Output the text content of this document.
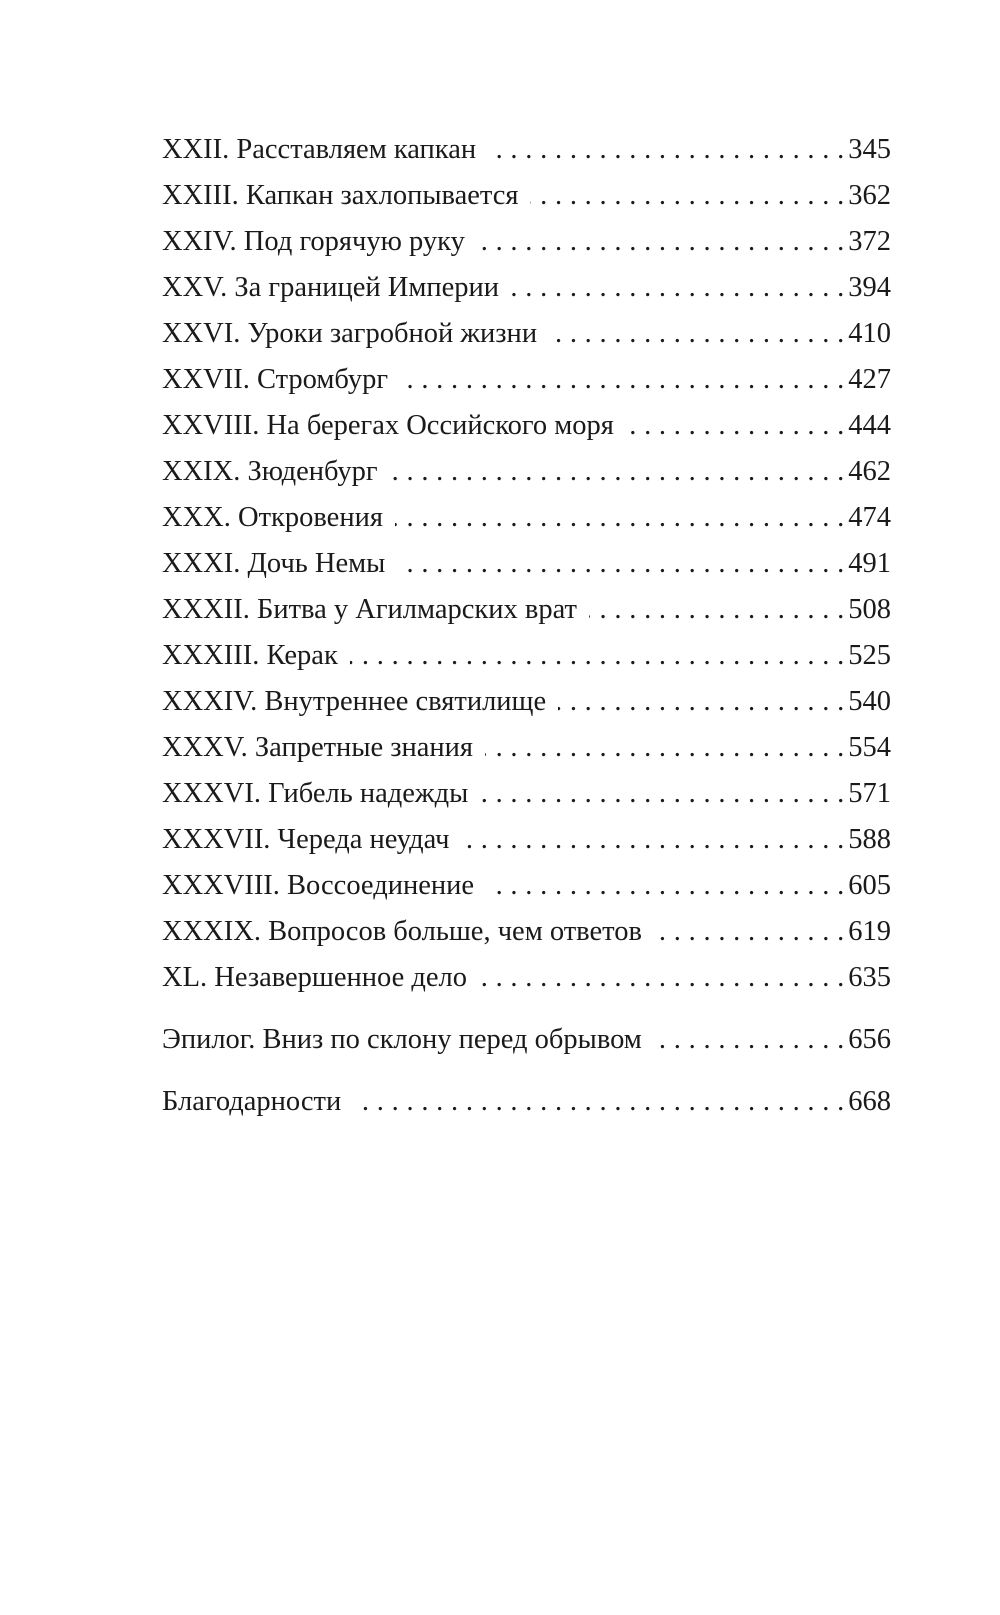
XXII. Расставляем капкан . . .	345
XXIII. Капкан захлопывается . . .	362
XXIV. Под горячую руку . . .	372
XXV. За границей Империи . . .	394
XXVI. Уроки загробной жизни . . .	410
XXVII. Стромбург . . .	427
XXVIII. На берегах Оссийского моря . . .	444
XXIX. Зюденбург . . .	462
XXX. Откровения . . .	474
XXXI. Дочь Немы . . .	491
XXXII. Битва у Агилмарских врат . . .	508
XXXIII. Керак . . .	525
XXXIV. Внутреннее святилище . . .	540
XXXV. Запретные знания . . .	554
XXXVI. Гибель надежды . . .	571
XXXVII. Череда неудач . . .	588
XXXVIII. Воссоединение . . .	605
XXXIX. Вопросов больше, чем ответов . . .	619
XL. Незавершенное дело . . .	635
Эпилог. Вниз по склону перед обрывом . . .	656
Благодарности . . .	668
